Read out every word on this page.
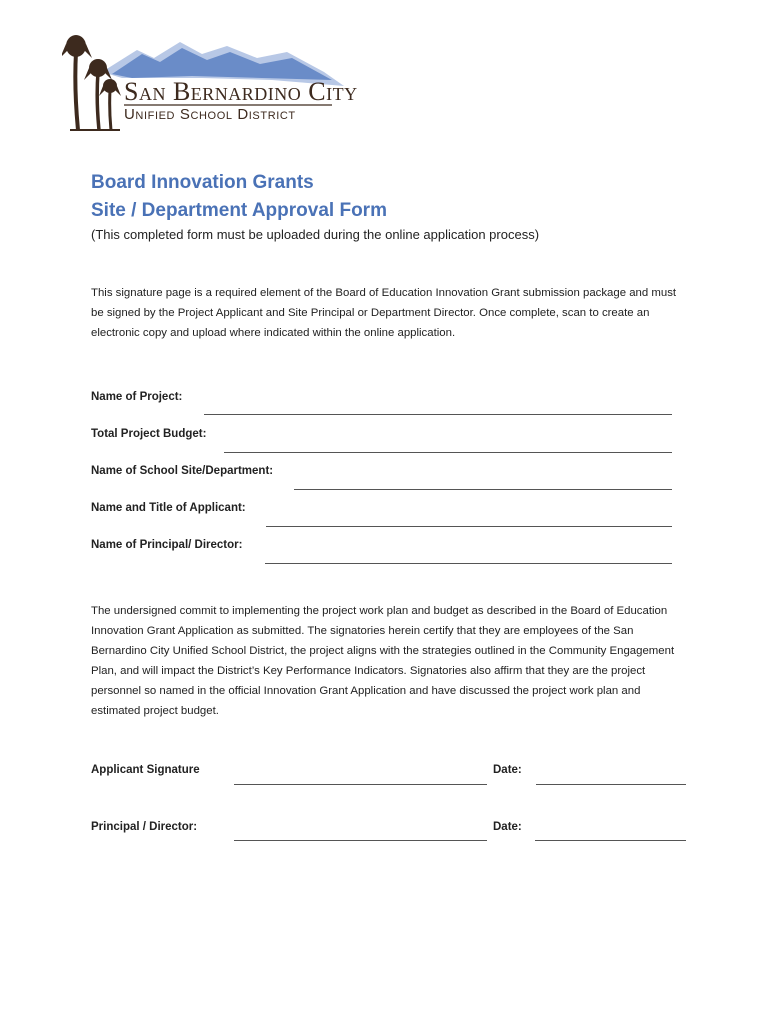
San Bernardino City
Unified School District
Board Innovation Grants
Site / Department Approval Form
(This completed form must be uploaded during the online application process)
This signature page is a required element of the Board of Education Innovation Grant submission package and must be signed by the Project Applicant and Site Principal or Department Director. Once complete, scan to create an electronic copy and upload where indicated within the online application.
Name of Project:
Total Project Budget:
Name of School Site/Department:
Name and Title of Applicant:
Name of Principal/ Director:
The undersigned commit to implementing the project work plan and budget as described in the Board of Education Innovation Grant Application as submitted. The signatories herein certify that they are employees of the San Bernardino City Unified School District, the project aligns with the strategies outlined in the Community Engagement Plan, and will impact the District’s Key Performance Indicators. Signatories also affirm that they are the project personnel so named in the official Innovation Grant Application and have discussed the project work plan and estimated project budget.
Applicant Signature	Date:
Principal / Director:	Date:
